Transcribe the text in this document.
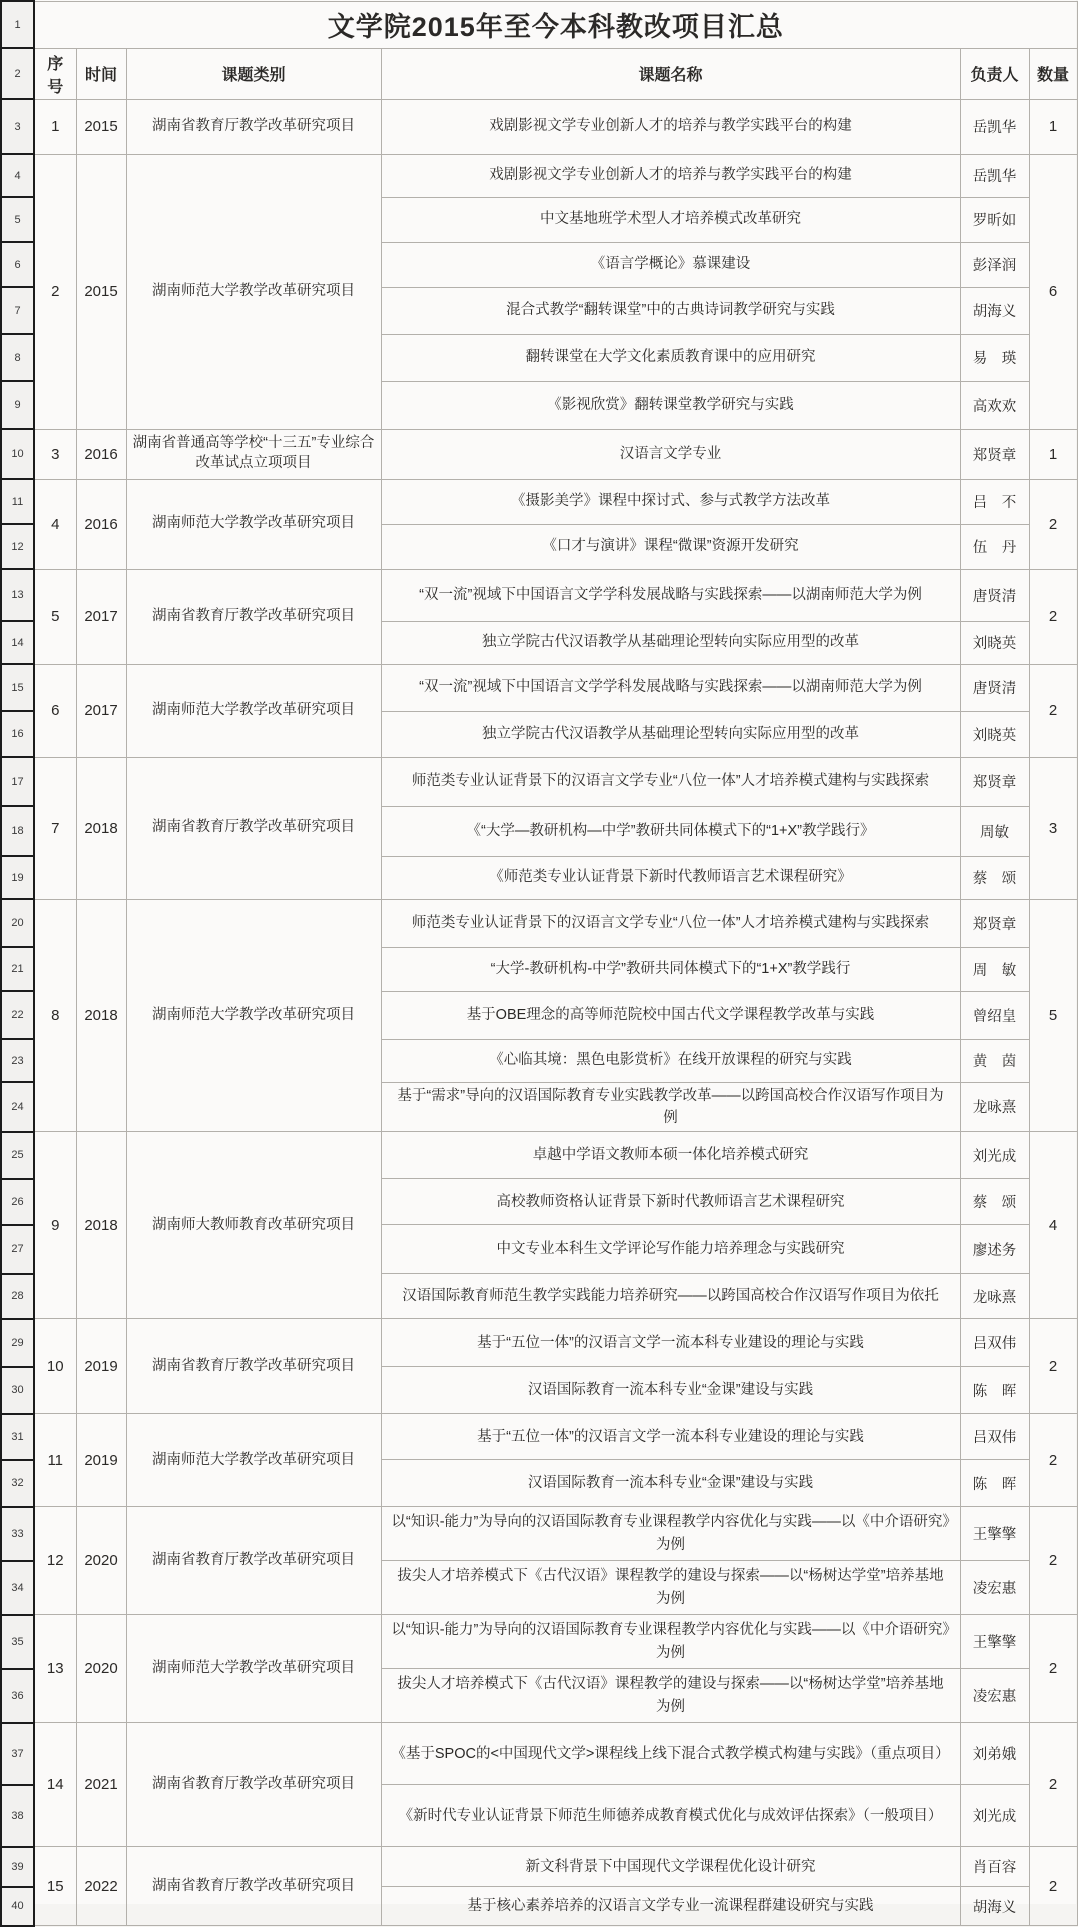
1	文学院2015年至今本科教改项目汇总					
2	序号	时间	课题类别	课题名称	负责人	数量
3	1	2015	湖南省教育厅教学改革研究项目	戏剧影视文学专业创新人才的培养与教学实践平台的构建	岳凯华	1
4	2	2015	湖南师范大学教学改革研究项目	戏剧影视文学专业创新人才的培养与教学实践平台的构建	岳凯华	6
5				中文基地班学术型人才培养模式改革研究	罗昕如	
6				《语言学概论》慕课建设	彭泽润	
7				混合式教学“翻转课堂”中的古典诗词教学研究与实践	胡海义	
8				翻转课堂在大学文化素质教育课中的应用研究	易　瑛	
9				《影视欣赏》翻转课堂教学研究与实践	高欢欢	
10	3	2016	湖南省普通高等学校“十三五”专业综合改革试点立项项目	汉语言文学专业	郑贤章	1
11	4	2016	湖南师范大学教学改革研究项目	《摄影美学》课程中探讨式、参与式教学方法改革	吕　不	2
12				《口才与演讲》课程“微课”资源开发研究	伍　丹	
13	5	2017	湖南省教育厅教学改革研究项目	“双一流”视域下中国语言文学学科发展战略与实践探索——以湖南师范大学为例	唐贤清	2
14				独立学院古代汉语教学从基础理论型转向实际应用型的改革	刘晓英	
15	6	2017	湖南师范大学教学改革研究项目	“双一流”视域下中国语言文学学科发展战略与实践探索——以湖南师范大学为例	唐贤清	2
16				独立学院古代汉语教学从基础理论型转向实际应用型的改革	刘晓英	
17	7	2018	湖南省教育厅教学改革研究项目	师范类专业认证背景下的汉语言文学专业“八位一体”人才培养模式建构与实践探索	郑贤章	3
18				《“大学—教研机构—中学”教研共同体模式下的“1+X”教学践行》	周敏	
19				《师范类专业认证背景下新时代教师语言艺术课程研究》	蔡　颂	
20	8	2018	湖南师范大学教学改革研究项目	师范类专业认证背景下的汉语言文学专业“八位一体”人才培养模式建构与实践探索	郑贤章	5
21				“大学-教研机构-中学”教研共同体模式下的“1+X”教学践行	周　敏	
22				基于OBE理念的高等师范院校中国古代文学课程教学改革与实践	曾绍皇	
23				《心临其境：黑色电影赏析》在线开放课程的研究与实践	黄　茵	
24				基于“需求”导向的汉语国际教育专业实践教学改革——以跨国高校合作汉语写作项目为例	龙咏熹	
25	9	2018	湖南师大教师教育改革研究项目	卓越中学语文教师本硕一体化培养模式研究	刘光成	4
26				高校教师资格认证背景下新时代教师语言艺术课程研究	蔡　颂	
27				中文专业本科生文学评论写作能力培养理念与实践研究	廖述务	
28				汉语国际教育师范生教学实践能力培养研究——以跨国高校合作汉语写作项目为依托	龙咏熹	
29	10	2019	湖南省教育厅教学改革研究项目	基于“五位一体”的汉语言文学一流本科专业建设的理论与实践	吕双伟	2
30				汉语国际教育一流本科专业“金课”建设与实践	陈　晖	
31	11	2019	湖南师范大学教学改革研究项目	基于“五位一体”的汉语言文学一流本科专业建设的理论与实践	吕双伟	2
32				汉语国际教育一流本科专业“金课”建设与实践	陈　晖	
33	12	2020	湖南省教育厅教学改革研究项目	以“知识-能力”为导向的汉语国际教育专业课程教学内容优化与实践——以《中介语研究》为例	王擎擎	2
34				拔尖人才培养模式下《古代汉语》课程教学的建设与探索——以“杨树达学堂”培养基地为例	凌宏惠	
35	13	2020	湖南师范大学教学改革研究项目	以“知识-能力”为导向的汉语国际教育专业课程教学内容优化与实践——以《中介语研究》为例	王擎擎	2
36				拔尖人才培养模式下《古代汉语》课程教学的建设与探索——以“杨树达学堂”培养基地为例	凌宏惠	
37	14	2021	湖南省教育厅教学改革研究项目	《基于SPOC的<中国现代文学>课程线上线下混合式教学模式构建与实践》（重点项目）	刘弟娥	2
38				《新时代专业认证背景下师范生师德养成教育模式优化与成效评估探索》（一般项目）	刘光成	
39	15	2022	湖南省教育厅教学改革研究项目	新文科背景下中国现代文学课程优化设计研究	肖百容	2
40				基于核心素养培养的汉语言文学专业一流课程群建设研究与实践	胡海义	
